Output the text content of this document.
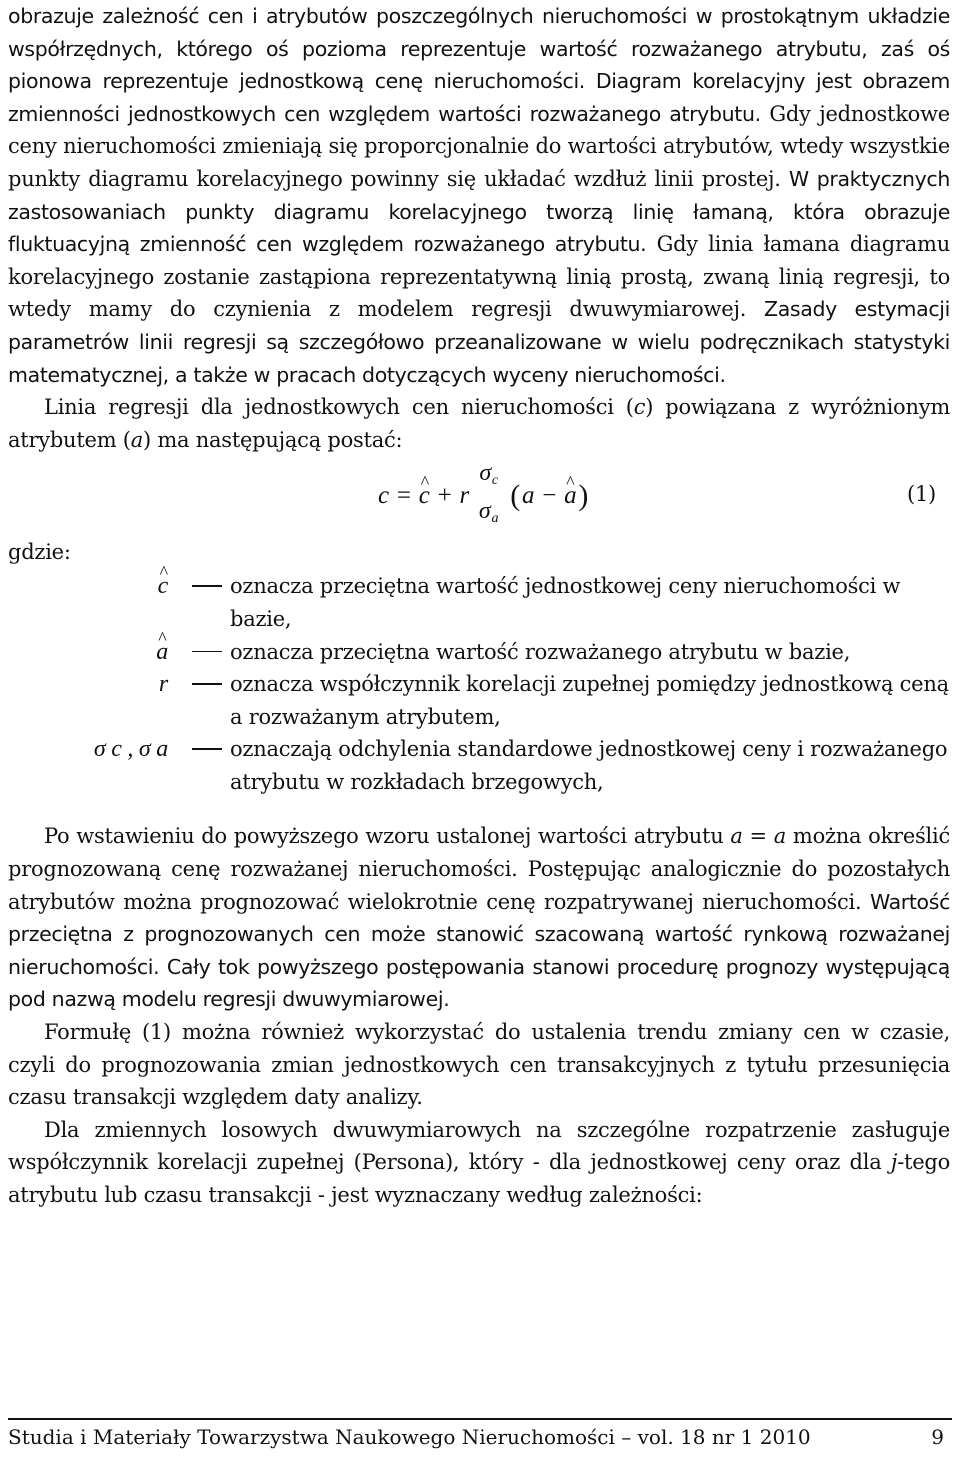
obrazuje zależność cen i atrybutów poszczególnych nieruchomości w prostokątnym układzie współrzędnych, którego oś pozioma reprezentuje wartość rozważanego atrybutu, zaś oś pionowa reprezentuje jednostkową cenę nieruchomości. Diagram korelacyjny jest obrazem zmienności jednostkowych cen względem wartości rozważanego atrybutu. Gdy jednostkowe ceny nieruchomości zmieniają się proporcjonalnie do wartości atrybutów, wtedy wszystkie punkty diagramu korelacyjnego powinny się układać wzdłuż linii prostej. W praktycznych zastosowaniach punkty diagramu korelacyjnego tworzą linię łamaną, która obrazuje fluktuacyjną zmienność cen względem rozważanego atrybutu. Gdy linia łamana diagramu korelacyjnego zostanie zastąpiona reprezentatywną linią prostą, zwaną linią regresji, to wtedy mamy do czynienia z modelem regresji dwuwymiarowej. Zasady estymacji parametrów linii regresji są szczegółowo przeanalizowane w wielu podręcznikach statystyki matematycznej, a także w pracach dotyczących wyceny nieruchomości.

Linia regresji dla jednostkowych cen nieruchomości (c) powiązana z wyróżnionym atrybutem (a) ma następującą postać:

c = ^ c + r
$\sigma_c$
$\sigma_a$
( a − ^ a )	(1)

gdzie:

^ c	oznacza przeciętna wartość jednostkowej ceny nieruchomości w bazie,
^ a	oznacza przeciętna wartość rozważanego atrybutu w bazie,
r	oznacza współczynnik korelacji zupełnej pomiędzy jednostkową ceną a rozważanym atrybutem,
σ c , σ a	oznaczają odchylenia standardowe jednostkowej ceny i rozważanego atrybutu w rozkładach brzegowych,

Po wstawieniu do powyższego wzoru ustalonej wartości atrybutu a = a można określić prognozowaną cenę rozważanej nieruchomości. Postępując analogicznie do pozostałych atrybutów można prognozować wielokrotnie cenę rozpatrywanej nieruchomości. Wartość przeciętna z prognozowanych cen może stanowić szacowaną wartość rynkową rozważanej nieruchomości. Cały tok powyższego postępowania stanowi procedurę prognozy występującą pod nazwą modelu regresji dwuwymiarowej.

Formułę (1) można również wykorzystać do ustalenia trendu zmiany cen w czasie, czyli do prognozowania zmian jednostkowych cen transakcyjnych z tytułu przesunięcia czasu transakcji względem daty analizy.

Dla zmiennych losowych dwuwymiarowych na szczególne rozpatrzenie zasługuje współczynnik korelacji zupełnej (Persona), który - dla jednostkowej ceny oraz dla j-tego atrybutu lub czasu transakcji - jest wyznaczany według zależności:

Studia i Materiały Towarzystwa Naukowego Nieruchomości – vol. 18 nr 1 2010	9
